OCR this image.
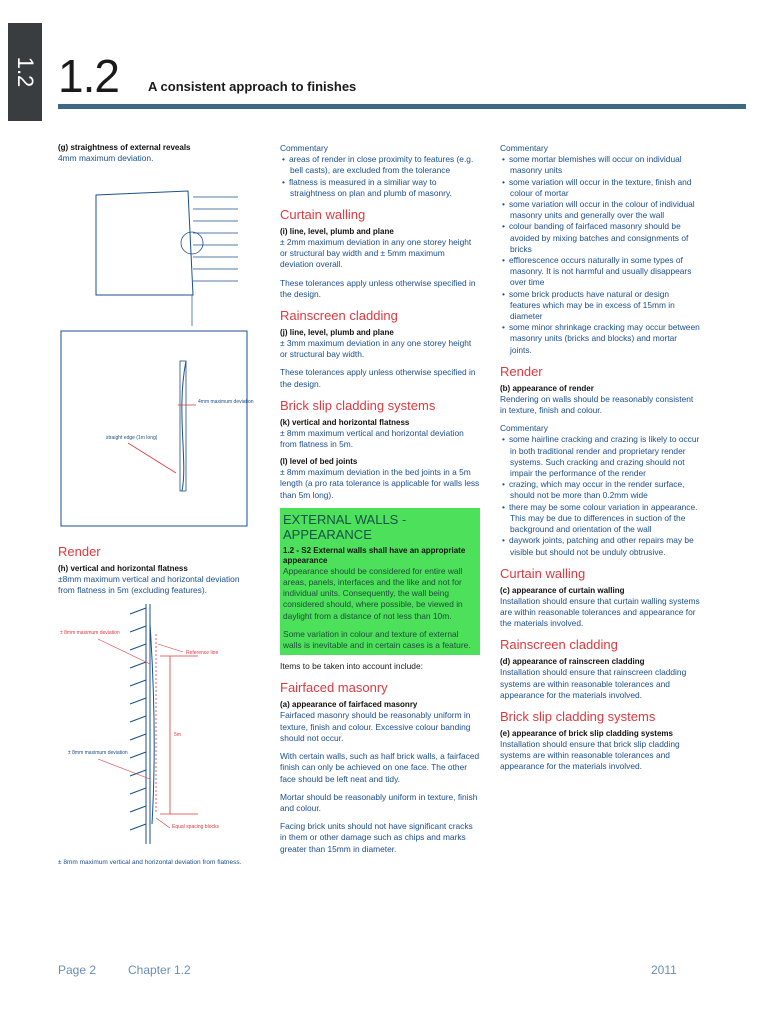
1.2 1.2 A consistent approach to finishes
(g) straightness of external reveals
4mm maximum deviation.
4mm maximum deviation
straight edge (1m long)
Render
(h) vertical and horizontal flatness
±8mm maximum vertical and horizontal deviation from flatness in 5m (excluding features).
± 8mm maximum deviation
Reference line
5m
± 8mm maximum deviation
Equal spacing blocks
± 8mm maximum vertical and horizontal deviation from flatness.
Commentary
• areas of render in close proximity to features (e.g. bell casts), are excluded from the tolerance
• flatness is measured in a similiar way to straightness on plan and plumb of masonry.
Curtain walling
(i) line, level, plumb and plane
± 2mm maximum deviation in any one storey height or structural bay width and ± 5mm maximum deviation overall.
These tolerances apply unless otherwise specified in the design.
Rainscreen cladding
(j) line, level, plumb and plane
± 3mm maximum deviation in any one storey height or structural bay width.
These tolerances apply unless otherwise specified in the design.
Brick slip cladding systems
(k) vertical and horizontal flatness
± 8mm maximum vertical and horizontal deviation from flatness in 5m.
(l) level of bed joints
± 8mm maximum deviation in the bed joints in a 5m length (a pro rata tolerance is applicable for walls less than 5m long).
EXTERNAL WALLS - APPEARANCE
1.2 - S2 External walls shall have an appropriate appearance
Appearance should be considered for entire wall areas, panels, interfaces and the like and not for individual units. Consequently, the wall being considered should, where possible, be viewed in daylight from a distance of not less than 10m.
Some variation in colour and texture of external walls is inevitable and in certain cases is a feature.
Items to be taken into account include:
Fairfaced masonry
(a) appearance of fairfaced masonry
Fairfaced masonry should be reasonably uniform in texture, finish and colour. Excessive colour banding should not occur.
With certain walls, such as half brick walls, a fairfaced finish can only be achieved on one face. The other face should be left neat and tidy.
Mortar should be reasonably uniform in texture, finish and colour.
Facing brick units should not have significant cracks in them or other damage such as chips and marks greater than 15mm in diameter.
Commentary
• some mortar blemishes will occur on individual masonry units
• some variation will occur in the texture, finish and colour of mortar
• some variation will occur in the colour of individual masonry units and generally over the wall
• colour banding of fairfaced masonry should be avoided by mixing batches and consignments of bricks
• efflorescence occurs naturally in some types of masonry. It is not harmful and usually disappears over time
• some brick products have natural or design features which may be in excess of 15mm in diameter
• some minor shrinkage cracking may occur between masonry units (bricks and blocks) and mortar joints.
Render
(b) appearance of render
Rendering on walls should be reasonably consistent in texture, finish and colour.
Commentary
• some hairline cracking and crazing is likely to occur in both traditional render and proprietary render systems. Such cracking and crazing should not impair the performance of the render
• crazing, which may occur in the render surface, should not be more than 0.2mm wide
• there may be some colour variation in appearance. This may be due to differences in suction of the background and orientation of the wall
• daywork joints, patching and other repairs may be visible but should not be unduly obtrusive.
Curtain walling
(c) appearance of curtain walling
Installation should ensure that curtain walling systems are within reasonable tolerances and appearance for the materials involved.
Rainscreen cladding
(d) appearance of rainscreen cladding
Installation should ensure that rainscreen cladding systems are within reasonable tolerances and appearance for the materials involved.
Brick slip cladding systems
(e) appearance of brick slip cladding systems
Installation should ensure that brick slip cladding systems are within reasonable tolerances and appearance for the materials involved.
Page 2	Chapter 1.2	2011
